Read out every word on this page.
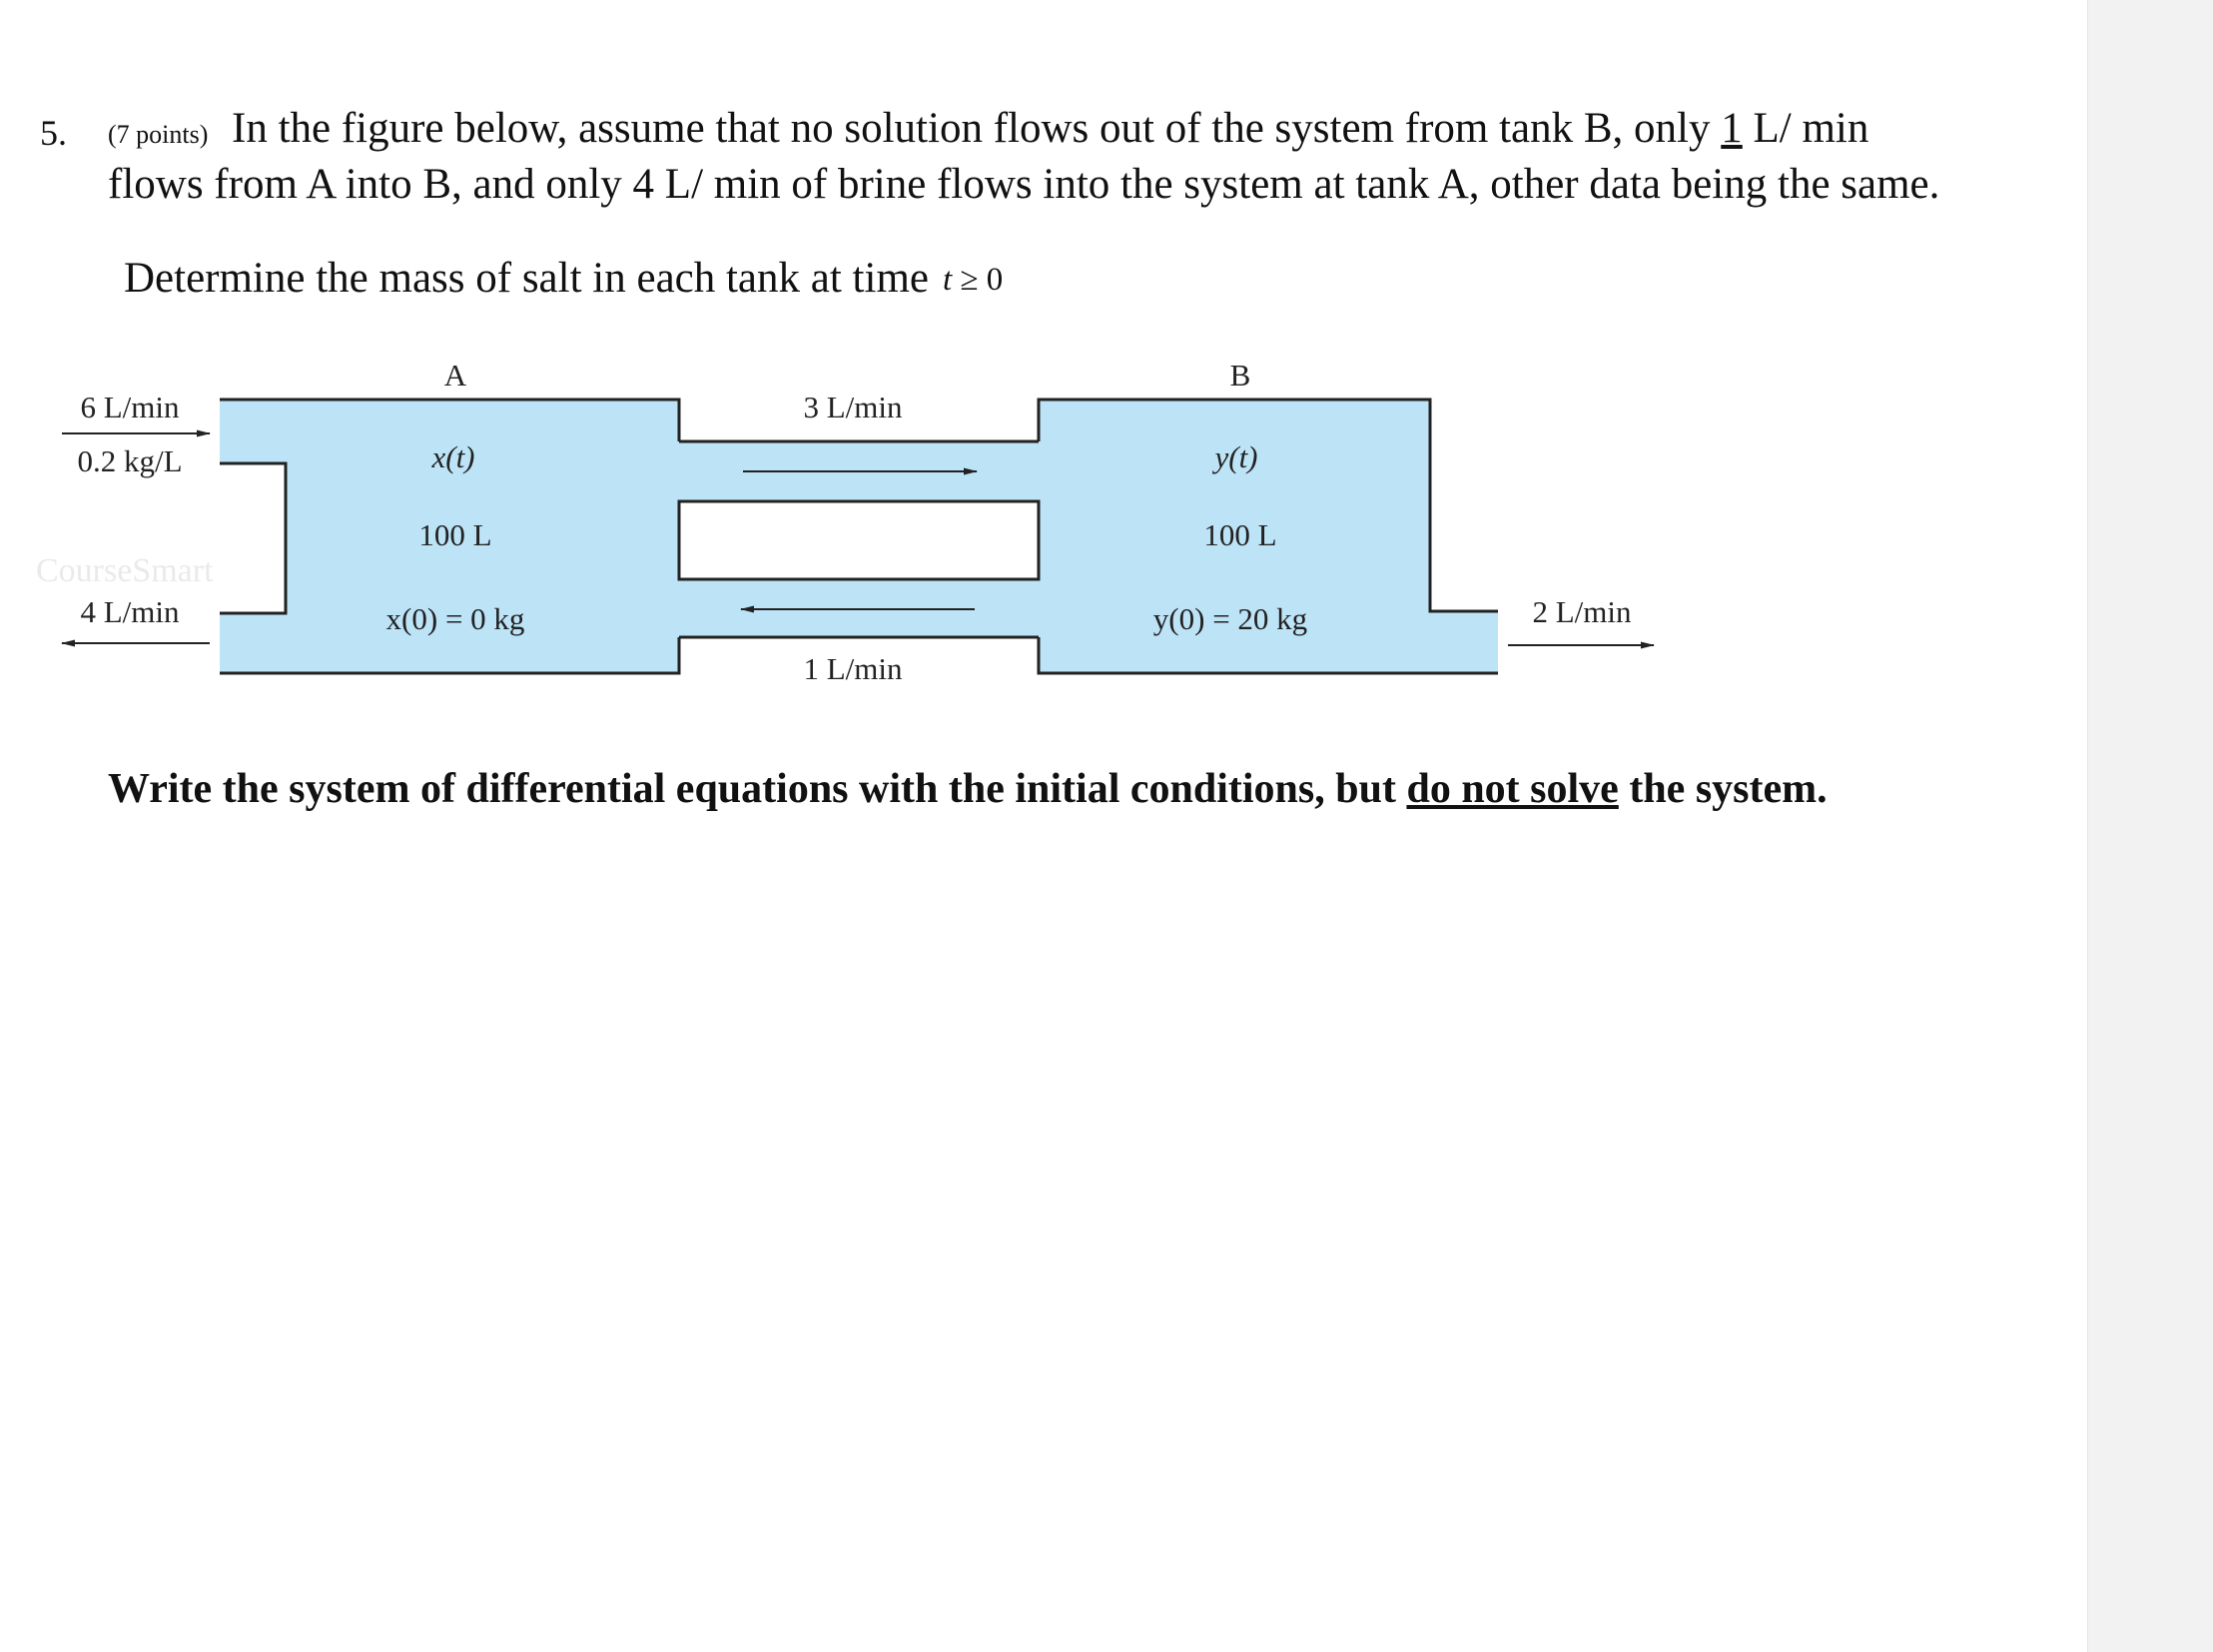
5. (7 points) In the figure below, assume that no solution flows out of the system from tank B, only 1 L/ min
flows from A into B, and only 4 L/ min of brine flows into the system at tank A, other data being the same.
Determine the mass of salt in each tank at time t ≥ 0
CourseSmart
6 L/min
0.2 kg/L
4 L/min
A
x(t)
100 L
x(0) = 0 kg
3 L/min
1 L/min
B
y(t)
100 L
y(0) = 20 kg	2 L/min
Write the system of differential equations with the initial conditions, but do not solve the system.
